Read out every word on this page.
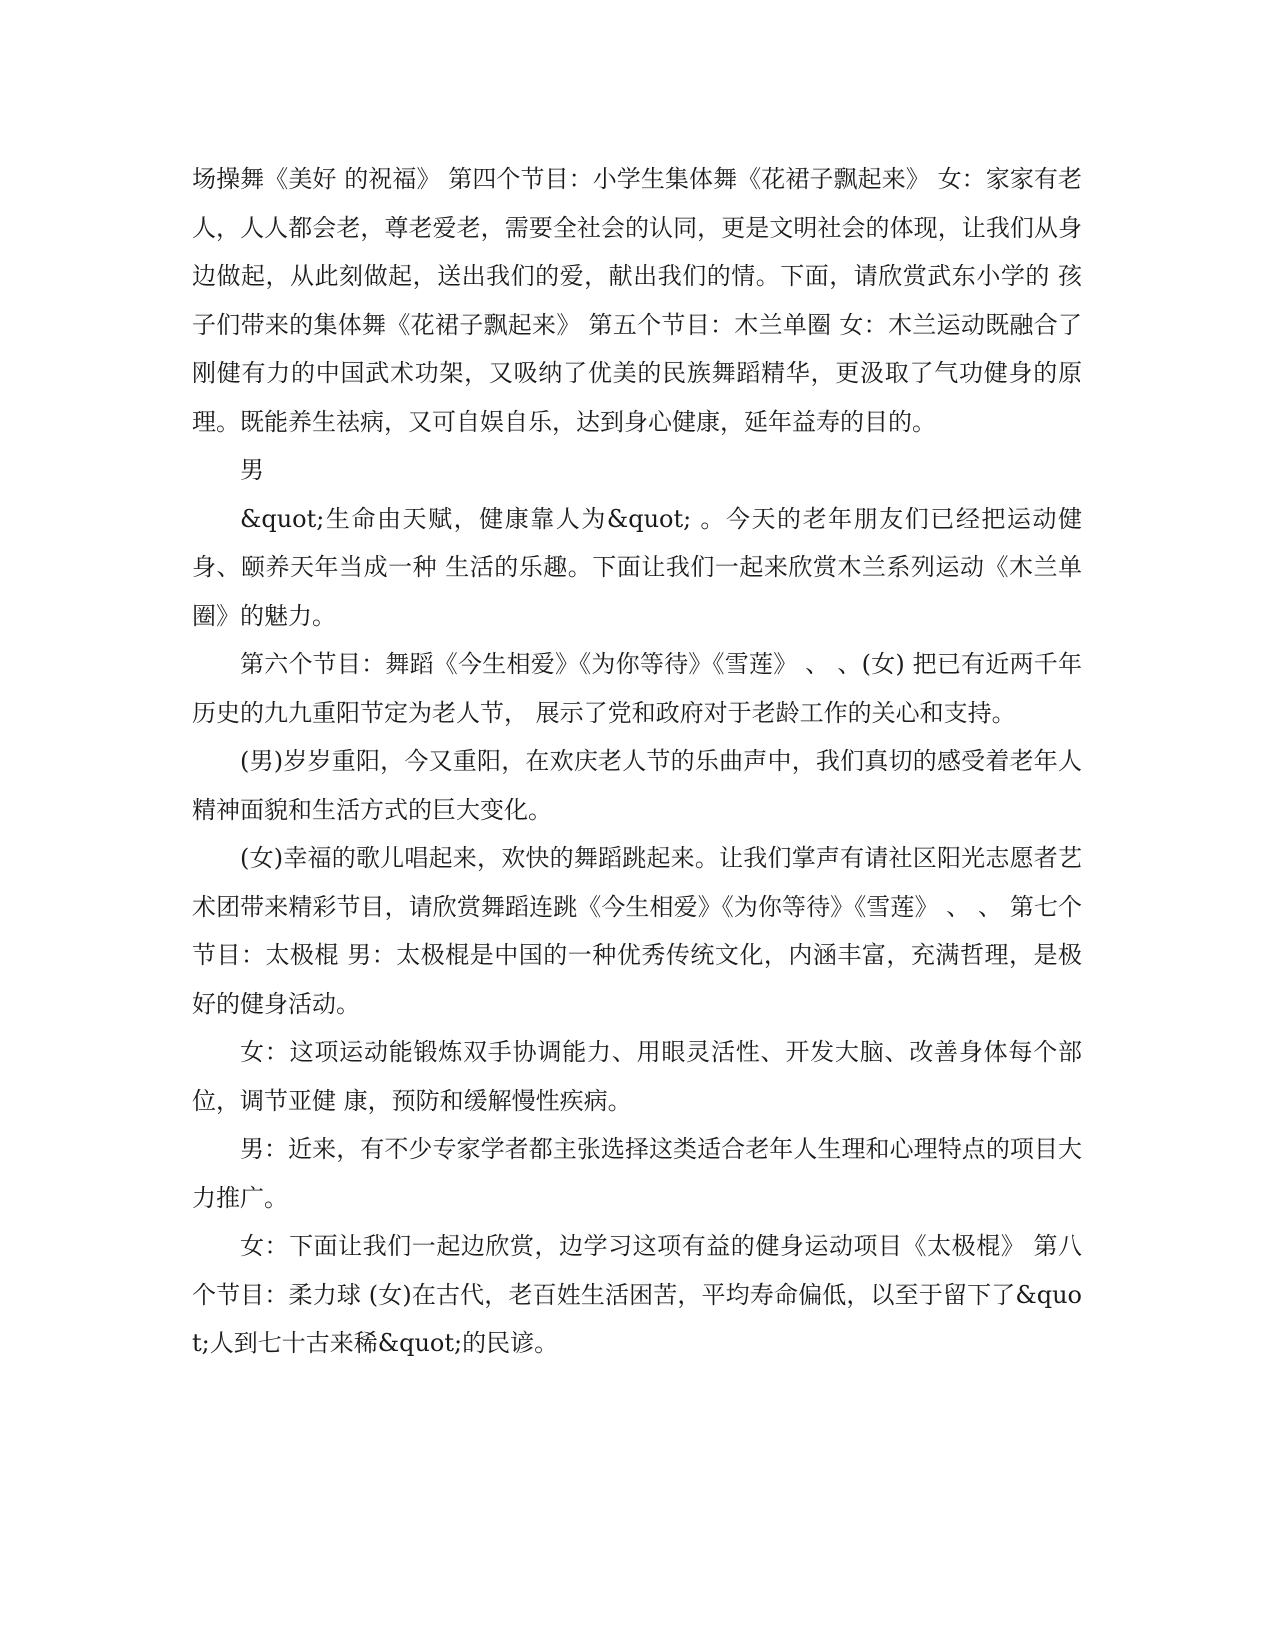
场操舞《美好 的祝福》 第四个节目：小学生集体舞《花裙子飘起来》 女：家家有老人，人人都会老，尊老爱老，需要全社会的认同，更是文明社会的体现，让我们从身边做起，从此刻做起，送出我们的爱，献出我们的情。下面，请欣赏武东小学的 孩子们带来的集体舞《花裙子飘起来》 第五个节目：木兰单圈 女：木兰运动既融合了刚健有力的中国武术功架，又吸纳了优美的民族舞蹈精华，更汲取了气功健身的原理。既能养生祛病，又可自娱自乐，达到身心健康，延年益寿的目的。

男

&quot;生命由天赋，健康靠人为&quot; 。今天的老年朋友们已经把运动健身、颐养天年当成一种 生活的乐趣。下面让我们一起来欣赏木兰系列运动《木兰单圈》的魅力。

第六个节目：舞蹈《今生相爱》《为你等待》《雪莲》 、 、(女) 把已有近两千年历史的九九重阳节定为老人节， 展示了党和政府对于老龄工作的关心和支持。

(男)岁岁重阳，今又重阳，在欢庆老人节的乐曲声中，我们真切的感受着老年人精神面貌和生活方式的巨大变化。

(女)幸福的歌儿唱起来，欢快的舞蹈跳起来。让我们掌声有请社区阳光志愿者艺术团带来精彩节目，请欣赏舞蹈连跳《今生相爱》《为你等待》《雪莲》 、 、 第七个节目：太极棍 男：太极棍是中国的一种优秀传统文化，内涵丰富，充满哲理，是极好的健身活动。

女：这项运动能锻炼双手协调能力、用眼灵活性、开发大脑、改善身体每个部位，调节亚健 康，预防和缓解慢性疾病。

男：近来，有不少专家学者都主张选择这类适合老年人生理和心理特点的项目大力推广。

女：下面让我们一起边欣赏，边学习这项有益的健身运动项目《太极棍》 第八个节目：柔力球 (女)在古代，老百姓生活困苦，平均寿命偏低，以至于留下了&quot;人到七十古来稀&quot;的民谚。
